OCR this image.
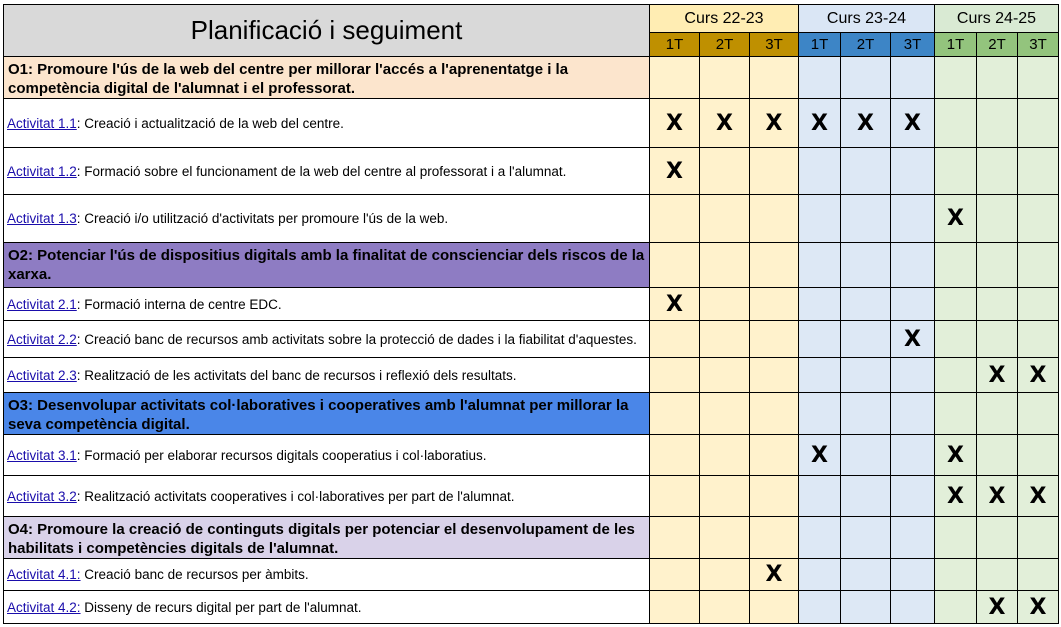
Planificació i seguiment	Curs 22-23			Curs 23-24			Curs 24-25		
	1T	2T	3T	1T	2T	3T	1T	2T	3T
O1: Promoure l'ús de la web del centre per millorar l'accés a l'aprenentatge i la competència digital de l'alumnat i el professorat.									
Activitat 1.1: Creació i actualització de la web del centre.	X	X	X	X	X	X			
Activitat 1.2: Formació sobre el funcionament de la web del centre al professorat i a l'alumnat.	X								
Activitat 1.3: Creació i/o utilització d'activitats per promoure l'ús de la web.							X		
O2: Potenciar l'ús de dispositius digitals amb la finalitat de conscienciar dels riscos de la xarxa.									
Activitat 2.1: Formació interna de centre EDC.	X								
Activitat 2.2: Creació banc de recursos amb activitats sobre la protecció de dades i la fiabilitat d'aquestes.						X			
Activitat 2.3: Realització de les activitats del banc de recursos i reflexió dels resultats.								X	X
O3: Desenvolupar activitats col·laboratives i cooperatives amb l'alumnat per millorar la seva competència digital.									
Activitat 3.1: Formació per elaborar recursos digitals cooperatius i col·laboratius.				X			X		
Activitat 3.2: Realització activitats cooperatives i col·laboratives per part de l'alumnat.							X	X	X
O4: Promoure la creació de continguts digitals per potenciar el desenvolupament de les habilitats i competències digitals de l'alumnat.									
Activitat 4.1: Creació banc de recursos per àmbits.			X						
Activitat 4.2: Disseny de recurs digital per part de l'alumnat.								X	X
